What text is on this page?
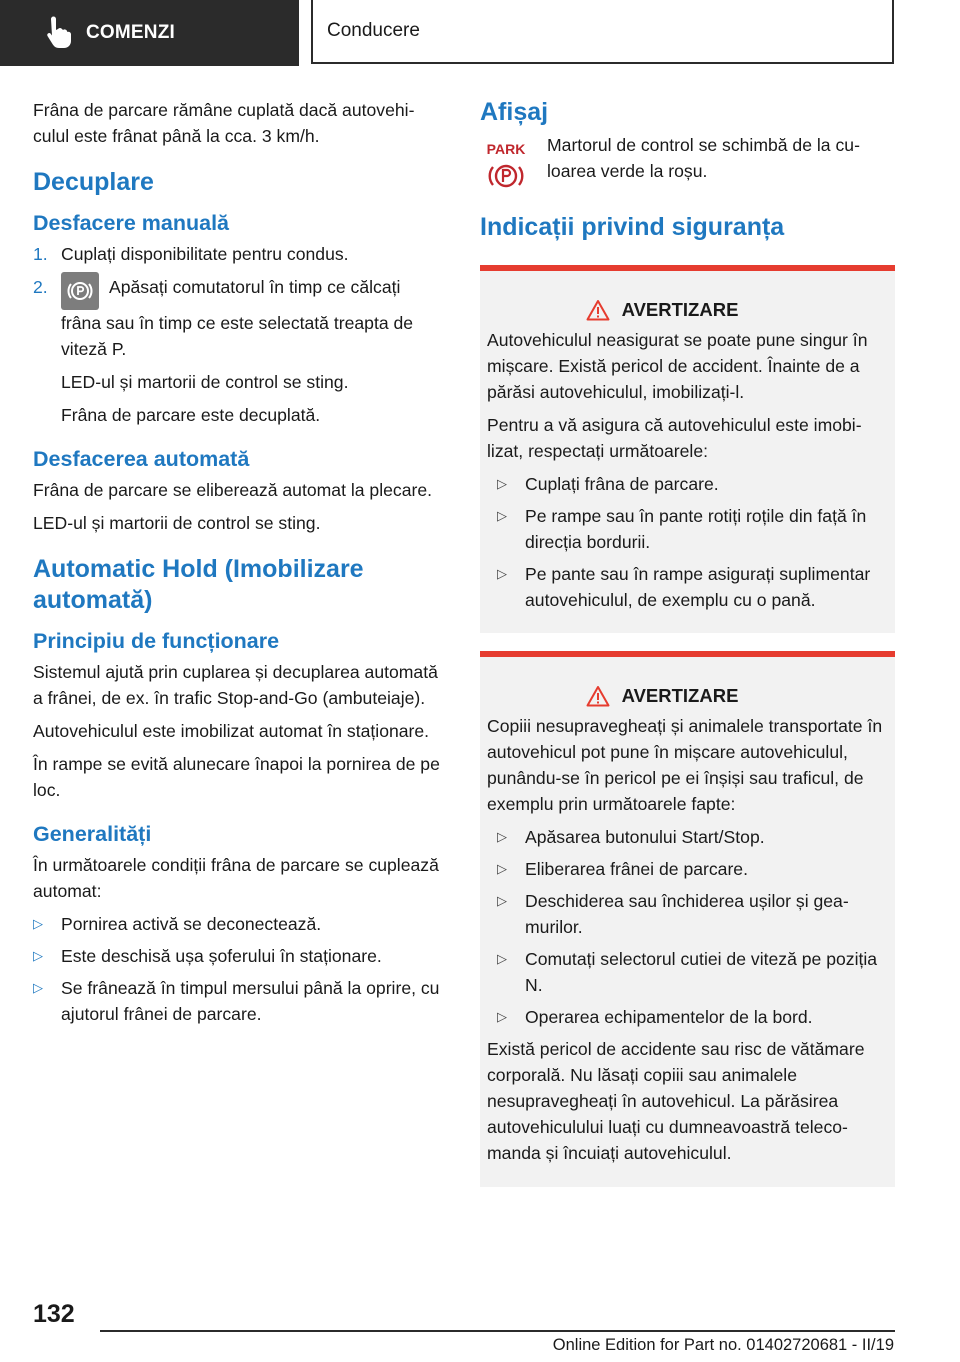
COMENZI	Conducere

Frâna de parcare rămâne cuplată dacă autovehiculul este frânat până la cca. 3 km/h.

Decuplare
Desfacere manuală
1. Cuplați disponibilitate pentru condus.
2.	Apăsați comutatorul în timp ce călcați frâna sau în timp ce este selectată treapta de viteză P.

LED-ul și martorii de control se sting.

Frâna de parcare este decuplată.

Desfacerea automată

Frâna de parcare se eliberează automat la plecare.

LED-ul și martorii de control se sting.

Automatic Hold (Imobilizare automată)
Principiu de funcționare

Sistemul ajută prin cuplarea și decuplarea automată a frânei, de ex. în trafic Stop-and-Go (ambuteiaje).

Autovehiculul este imobilizat automat în staționare.

În rampe se evită alunecare înapoi la pornirea de pe loc.

Generalități

În următoarele condiții frâna de parcare se cuplează automat:

▷	Pornirea activă se deconectează.
▷	Este deschisă ușa șoferului în staționare.
▷	Se frânează în timpul mersului până la oprire, cu ajutorul frânei de parcare.
Afișaj
PARK Martorul de control se schimbă de la culoarea verde la roșu.

Indicații privind siguranța
AVERTIZARE

Autovehiculul neasigurat se poate pune singur în mișcare. Există pericol de accident. Înainte de a părăsi autovehiculul, imobilizați-l.

Pentru a vă asigura că autovehiculul este imobilizat, respectați următoarele:

▷	Cuplați frâna de parcare.
▷	Pe rampe sau în pante rotiți roțile din față în direcția bordurii.
▷	Pe pante sau în rampe asigurați suplimentar autovehiculul, de exemplu cu o pană.
AVERTIZARE

Copiii nesupravegheați și animalele transportate în autovehicul pot pune în mișcare autovehiculul, punându-se în pericol pe ei înșiși sau traficul, de exemplu prin următoarele fapte:

▷	Apăsarea butonului Start/Stop.
▷	Eliberarea frânei de parcare.
▷	Deschiderea sau închiderea ușilor și geamurilor.
▷	Comutați selectorul cutiei de viteză pe poziția N.
▷	Operarea echipamentelor de la bord.

Există pericol de accidente sau risc de vătămare corporală. Nu lăsați copiii sau animalele nesupravegheați în autovehicul. La părăsirea autovehiculului luați cu dumneavoastră telecomanda și încuiați autovehiculul.

132
Online Edition for Part no. 01402720681 - II/19
